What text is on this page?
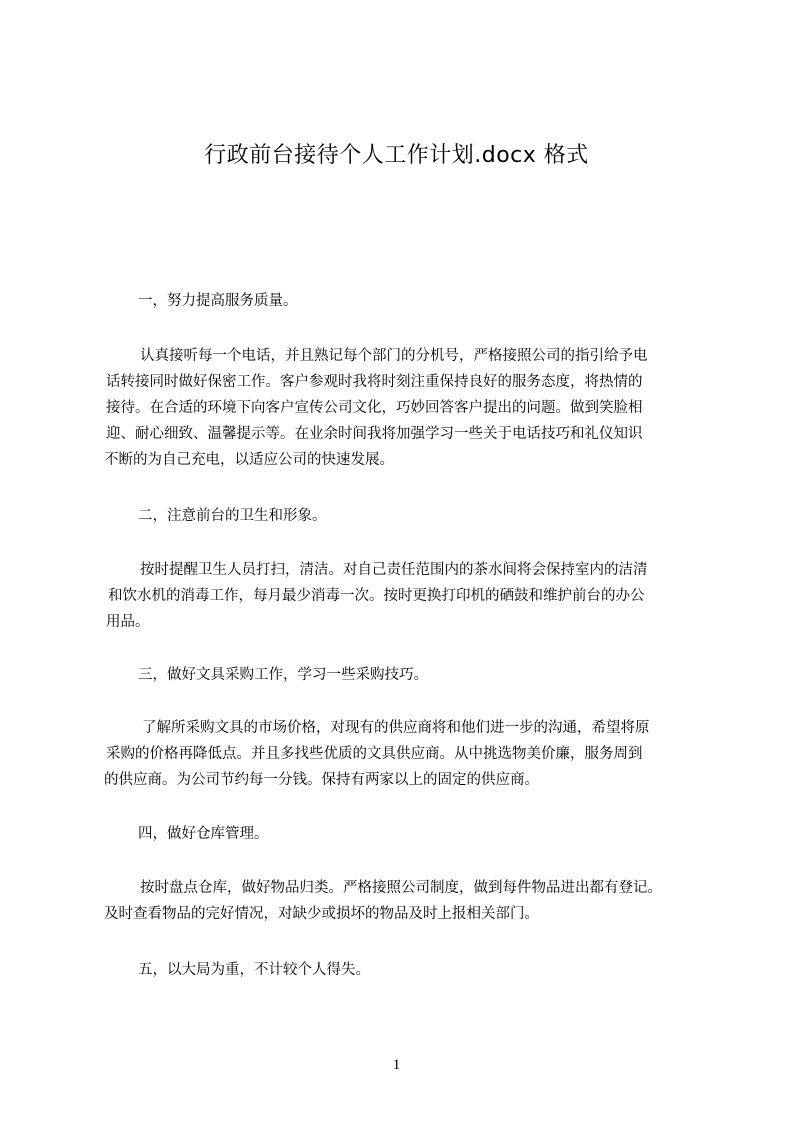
行政前台接待个人工作计划.docx 格式
一，努力提高服务质量。
认真接听每一个电话，并且熟记每个部门的分机号，严格接照公司的指引给予电
话转接同时做好保密工作。客户参观时我将时刻注重保持良好的服务态度，将热情的
接待。在合适的环境下向客户宣传公司文化，巧妙回答客户提出的问题。做到笑脸相
迎、耐心细致、温馨提示等。在业余时间我将加强学习一些关于电话技巧和礼仪知识
不断的为自己充电，以适应公司的快速发展。
二，注意前台的卫生和形象。
按时提醒卫生人员打扫，清洁。对自己责任范围内的茶水间将会保持室内的洁清
和饮水机的消毒工作，每月最少消毒一次。按时更换打印机的硒鼓和维护前台的办公
用品。
三，做好文具采购工作，学习一些采购技巧。
了解所采购文具的市场价格，对现有的供应商将和他们进一步的沟通，希望将原
采购的价格再降低点。并且多找些优质的文具供应商。从中挑选物美价廉，服务周到
的供应商。为公司节约每一分钱。保持有两家以上的固定的供应商。
四，做好仓库管理。
按时盘点仓库，做好物品归类。严格接照公司制度，做到每件物品进出都有登记。
及时查看物品的完好情况，对缺少或损坏的物品及时上报相关部门。
五，以大局为重，不计较个人得失。
1
